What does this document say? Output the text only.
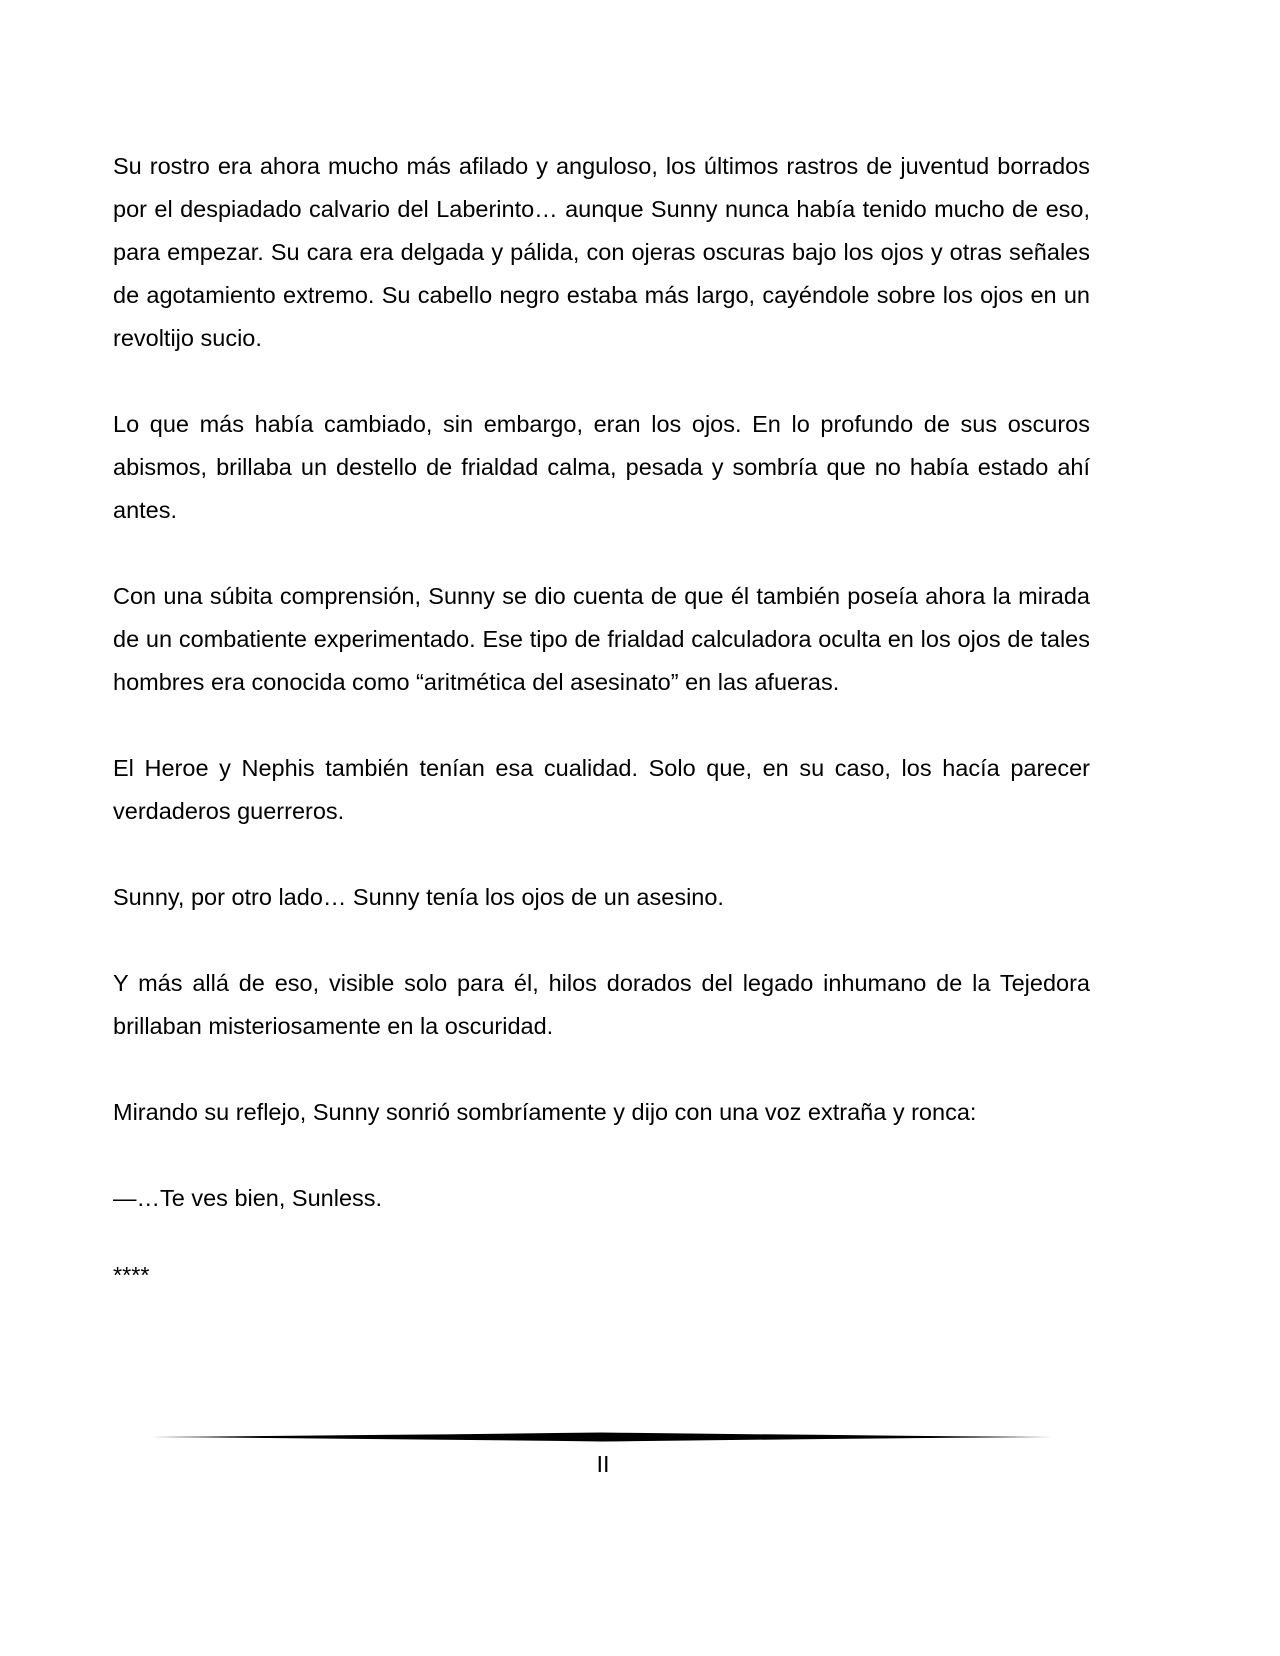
Su rostro era ahora mucho más afilado y anguloso, los últimos rastros de juventud borrados por el despiadado calvario del Laberinto… aunque Sunny nunca había tenido mucho de eso, para empezar. Su cara era delgada y pálida, con ojeras oscuras bajo los ojos y otras señales de agotamiento extremo. Su cabello negro estaba más largo, cayéndole sobre los ojos en un revoltijo sucio.

Lo que más había cambiado, sin embargo, eran los ojos. En lo profundo de sus oscuros abismos, brillaba un destello de frialdad calma, pesada y sombría que no había estado ahí antes.

Con una súbita comprensión, Sunny se dio cuenta de que él también poseía ahora la mirada de un combatiente experimentado. Ese tipo de frialdad calculadora oculta en los ojos de tales hombres era conocida como “aritmética del asesinato” en las afueras.

El Heroe y Nephis también tenían esa cualidad. Solo que, en su caso, los hacía parecer verdaderos guerreros.

Sunny, por otro lado… Sunny tenía los ojos de un asesino.

Y más allá de eso, visible solo para él, hilos dorados del legado inhumano de la Tejedora brillaban misteriosamente en la oscuridad.

Mirando su reflejo, Sunny sonrió sombríamente y dijo con una voz extraña y ronca:

—…Te ves bien, Sunless.

****

II
